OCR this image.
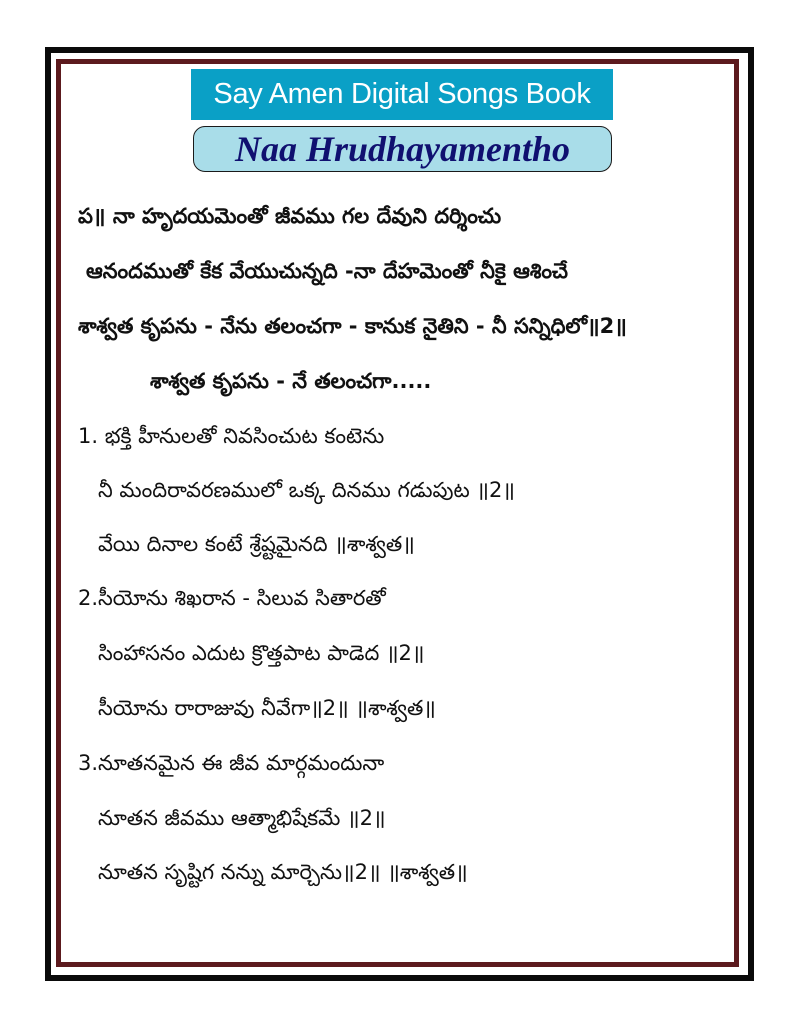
Say Amen Digital Songs Book
Naa Hrudhayamentho
ప॥ నా హృదయమెంతో జీవము గల దేవుని దర్శించు
ఆనందముతో కేక వేయుచున్నది -నా దేహమెంతో నీకై ఆశించే
శాశ్వత కృపను - నేను తలంచగా - కానుక నైతిని - నీ సన్నిధిలో॥2॥
శాశ్వత కృపను - నే తలంచగా.....
1. భక్తి హీనులతో నివసించుట కంటెను
నీ మందిరావరణములో ఒక్క దినము గడుపుట ॥2॥
వేయి దినాల కంటే శ్రేష్టమైనది ॥శాశ్వత॥
2.సీయోను శిఖరాన - సిలువ సితారతో
సింహాసనం ఎదుట క్రొత్తపాట పాడెద ॥2॥
సీయోను రారాజువు నీవేగా॥2॥ ॥శాశ్వత॥
3.నూతనమైన ఈ జీవ మార్గమందునా
నూతన జీవము ఆత్మాభిషేకమే ॥2॥
నూతన సృష్టిగ నన్ను మార్చెను॥2॥ ॥శాశ్వత॥
